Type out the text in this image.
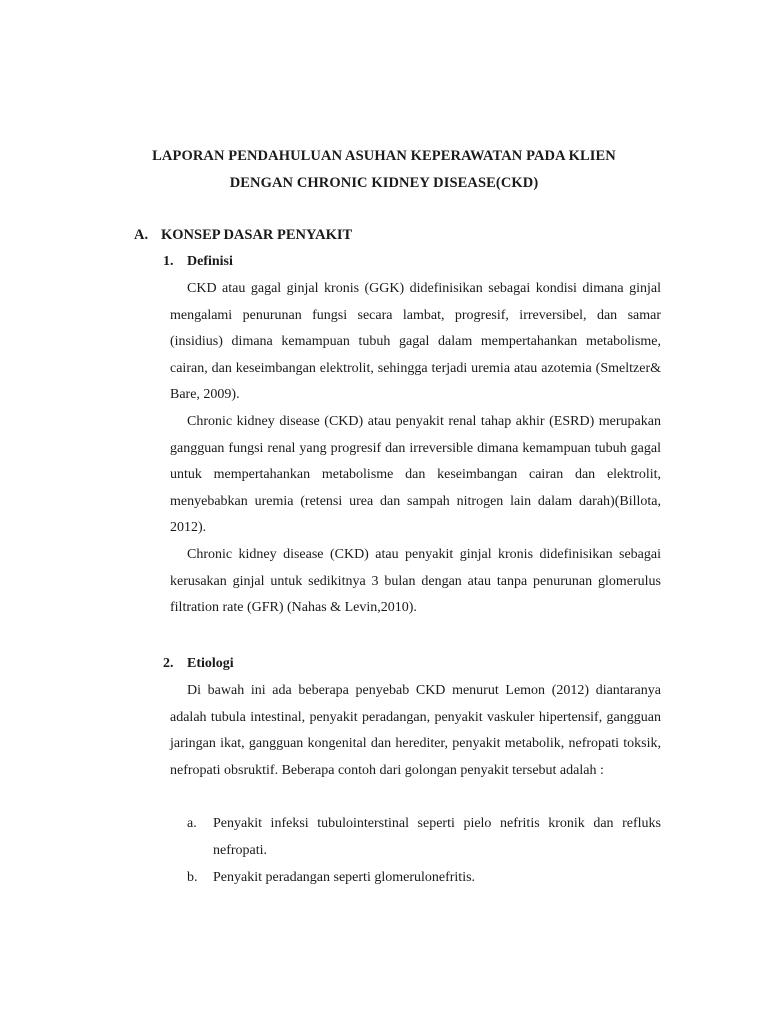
LAPORAN PENDAHULUAN ASUHAN KEPERAWATAN PADA KLIEN
DENGAN CHRONIC KIDNEY DISEASE(CKD)
A. KONSEP DASAR PENYAKIT
1. Definisi

CKD atau gagal ginjal kronis (GGK) didefinisikan sebagai kondisi dimana ginjal mengalami penurunan fungsi secara lambat, progresif, irreversibel, dan samar (insidius) dimana kemampuan tubuh gagal dalam mempertahankan metabolisme, cairan, dan keseimbangan elektrolit, sehingga terjadi uremia atau azotemia (Smeltzer& Bare, 2009).

Chronic kidney disease (CKD) atau penyakit renal tahap akhir (ESRD) merupakan gangguan fungsi renal yang progresif dan irreversible dimana kemampuan tubuh gagal untuk mempertahankan metabolisme dan keseimbangan cairan dan elektrolit, menyebabkan uremia (retensi urea dan sampah nitrogen lain dalam darah)(Billota, 2012).

Chronic kidney disease (CKD) atau penyakit ginjal kronis didefinisikan sebagai kerusakan ginjal untuk sedikitnya 3 bulan dengan atau tanpa penurunan glomerulus filtration rate (GFR) (Nahas & Levin,2010).

2. Etiologi

Di bawah ini ada beberapa penyebab CKD menurut Lemon (2012) diantaranya adalah tubula intestinal, penyakit peradangan, penyakit vaskuler hipertensif, gangguan jaringan ikat, gangguan kongenital dan herediter, penyakit metabolik, nefropati toksik, nefropati obsruktif. Beberapa contoh dari golongan penyakit tersebut adalah :

a. Penyakit infeksi tubulointerstinal seperti pielo nefritis kronik dan refluks nefropati.
b. Penyakit peradangan seperti glomerulonefritis.
